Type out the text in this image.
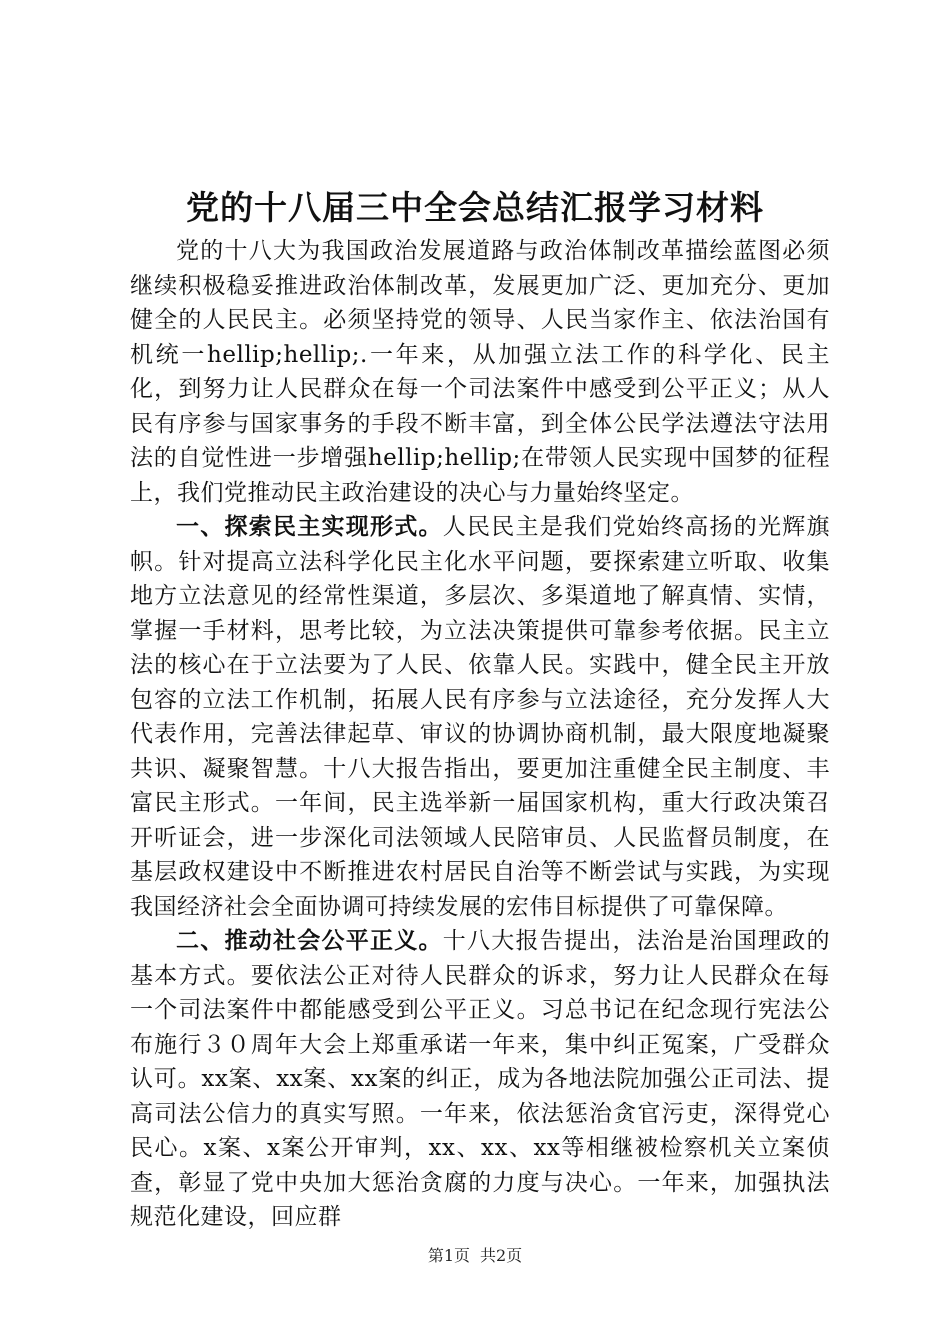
党的十八届三中全会总结汇报学习材料

党的十八大为我国政治发展道路与政治体制改革描绘蓝图必须继续积极稳妥推进政治体制改革，发展更加广泛、更加充分、更加健全的人民民主。必须坚持党的领导、人民当家作主、依法治国有机统一hellip;hellip;.一年来，从加强立法工作的科学化、民主化，到努力让人民群众在每一个司法案件中感受到公平正义；从人民有序参与国家事务的手段不断丰富，到全体公民学法遵法守法用法的自觉性进一步增强hellip;hellip;在带领人民实现中国梦的征程上，我们党推动民主政治建设的决心与力量始终坚定。

一、探索民主实现形式。人民民主是我们党始终高扬的光辉旗帜。针对提高立法科学化民主化水平问题，要探索建立听取、收集地方立法意见的经常性渠道，多层次、多渠道地了解真情、实情，掌握一手材料，思考比较，为立法决策提供可靠参考依据。民主立法的核心在于立法要为了人民、依靠人民。实践中，健全民主开放包容的立法工作机制，拓展人民有序参与立法途径，充分发挥人大代表作用，完善法律起草、审议的协调协商机制，最大限度地凝聚共识、凝聚智慧。十八大报告指出，要更加注重健全民主制度、丰富民主形式。一年间，民主选举新一届国家机构，重大行政决策召开听证会，进一步深化司法领域人民陪审员、人民监督员制度，在基层政权建设中不断推进农村居民自治等不断尝试与实践，为实现我国经济社会全面协调可持续发展的宏伟目标提供了可靠保障。

二、推动社会公平正义。十八大报告提出，法治是治国理政的基本方式。要依法公正对待人民群众的诉求，努力让人民群众在每一个司法案件中都能感受到公平正义。习总书记在纪念现行宪法公布施行３０周年大会上郑重承诺一年来，集中纠正冤案，广受群众认可。xx案、xx案、xx案的纠正，成为各地法院加强公正司法、提高司法公信力的真实写照。一年来，依法惩治贪官污吏，深得党心民心。x案、x案公开审判，xx、xx、xx等相继被检察机关立案侦查，彰显了党中央加大惩治贪腐的力度与决心。一年来，加强执法规范化建设，回应群

第1页 共2页
